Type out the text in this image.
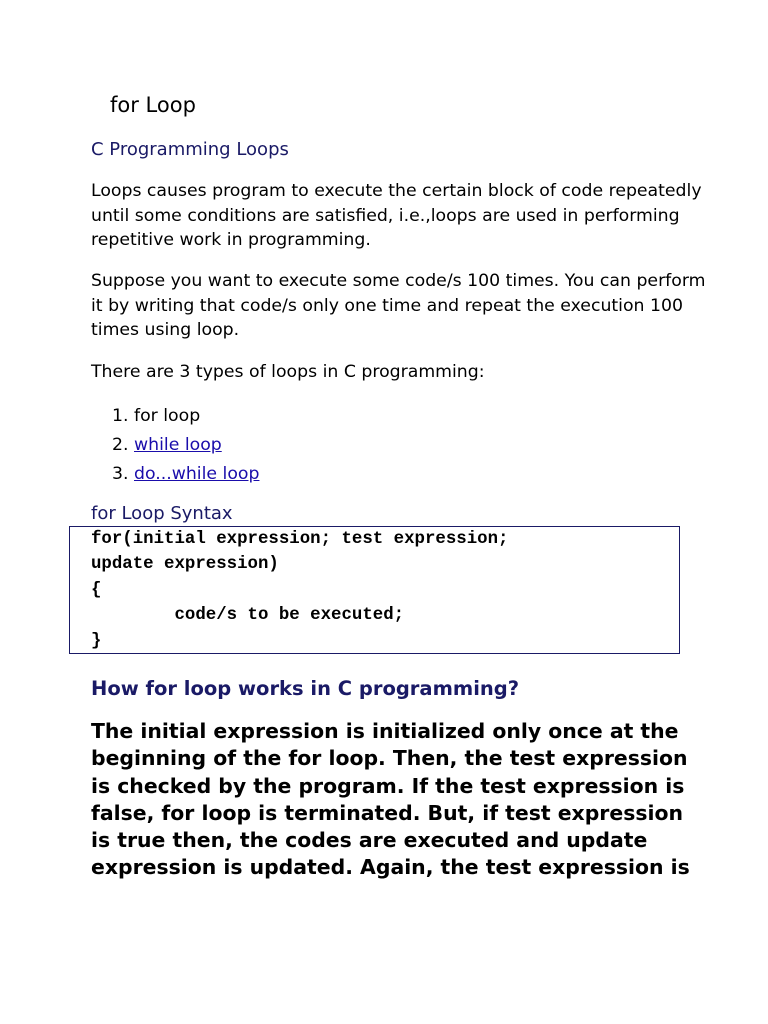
for Loop
C Programming Loops

Loops causes program to execute the certain block of code repeatedly until some conditions are satisfied, i.e.,loops are used in performing repetitive work in programming.

Suppose you want to execute some code/s 100 times. You can perform it by writing that code/s only one time and repeat the execution 100 times using loop.

There are 3 types of loops in C programming:

1. for loop
2. while loop
3. do...while loop
for Loop Syntax
for(initial expression; test expression;
update expression)
{
code/s to be executed;
}
How for loop works in C programming?
The initial expression is initialized only once at the
beginning of the for loop. Then, the test expression
is checked by the program. If the test expression is
false, for loop is terminated. But, if test expression
is true then, the codes are executed and update
expression is updated. Again, the test expression is
